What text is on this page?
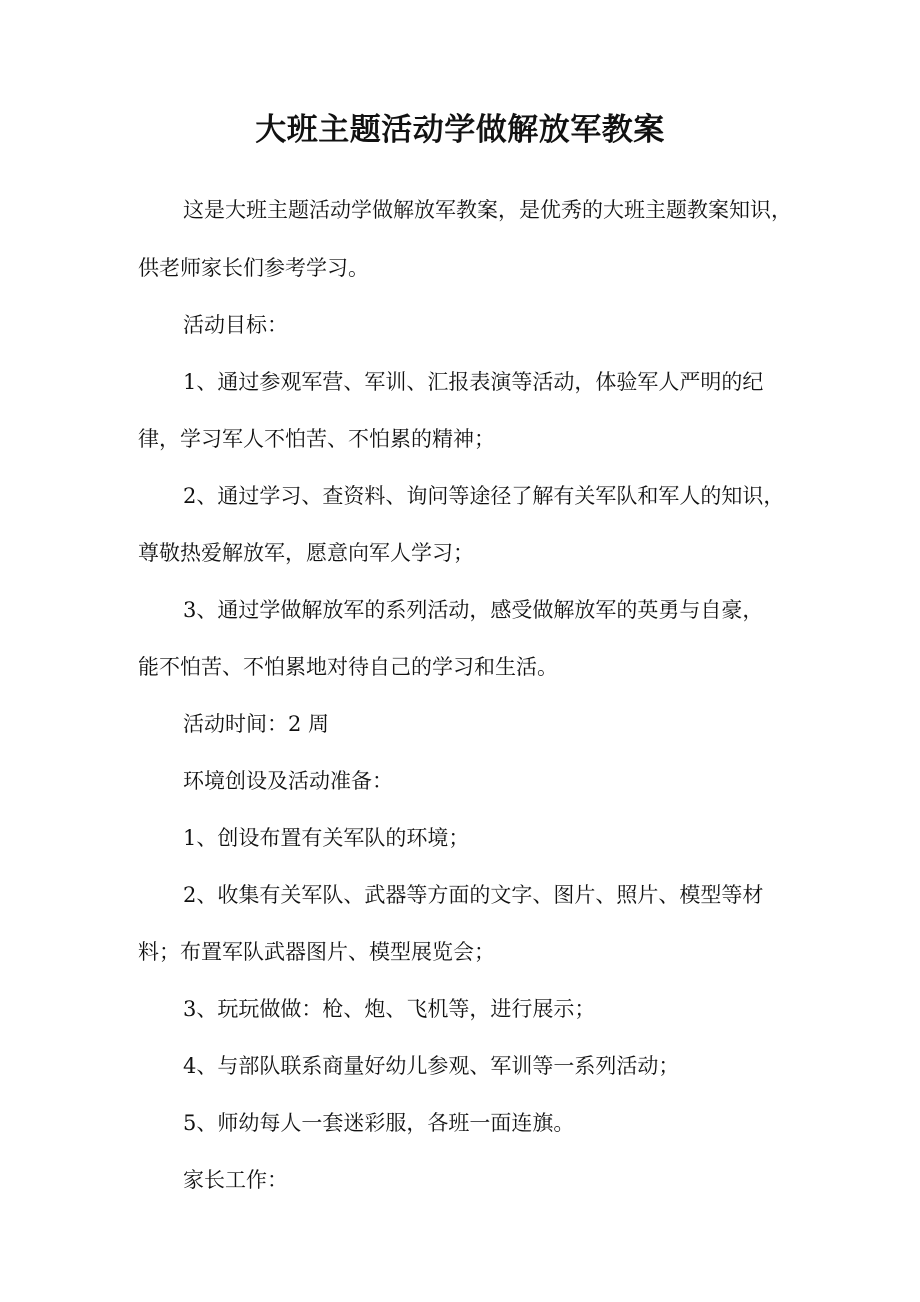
大班主题活动学做解放军教案
这是大班主题活动学做解放军教案，是优秀的大班主题教案知识，
供老师家长们参考学习。
活动目标：
1、通过参观军营、军训、汇报表演等活动，体验军人严明的纪
律，学习军人不怕苦、不怕累的精神；
2、通过学习、查资料、询问等途径了解有关军队和军人的知识，
尊敬热爱解放军，愿意向军人学习；
3、通过学做解放军的系列活动，感受做解放军的英勇与自豪，
能不怕苦、不怕累地对待自己的学习和生活。
活动时间：2 周
环境创设及活动准备：
1、创设布置有关军队的环境；
2、收集有关军队、武器等方面的文字、图片、照片、模型等材
料；布置军队武器图片、模型展览会；
3、玩玩做做：枪、炮、飞机等，进行展示；
4、与部队联系商量好幼儿参观、军训等一系列活动；
5、师幼每人一套迷彩服，各班一面连旗。
家长工作：
